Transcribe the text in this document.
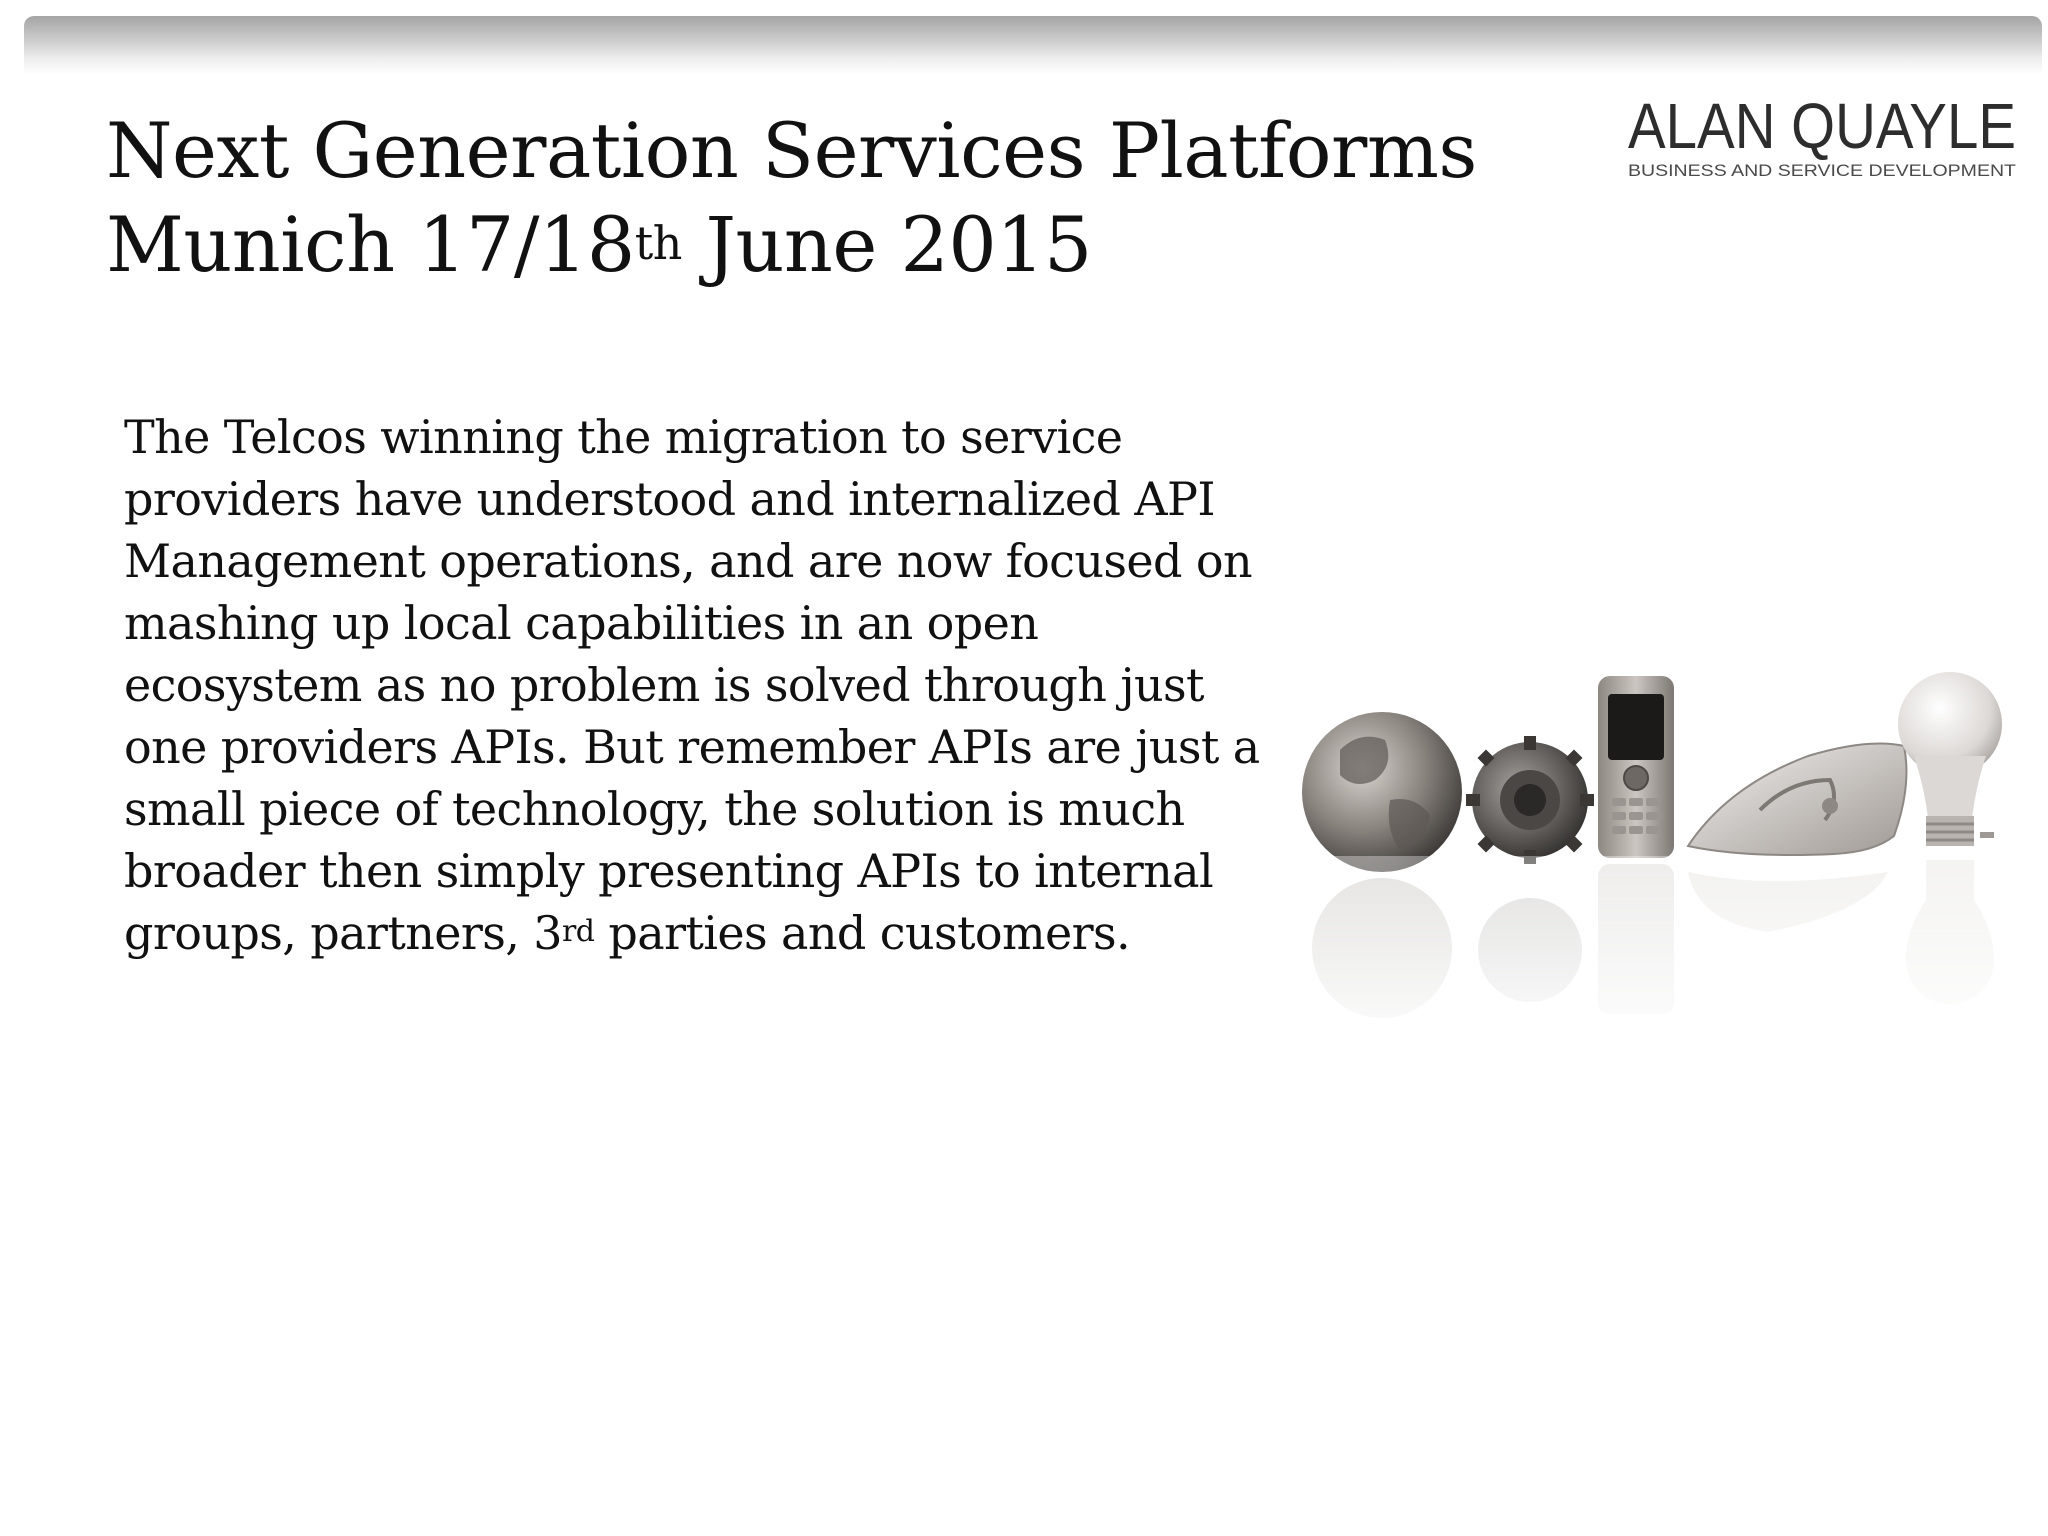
Next Generation Services Platforms
Munich 17/18th June 2015
ALAN QUAYLE
BUSINESS AND SERVICE DEVELOPMENT
The Telcos winning the migration to service
providers have understood and internalized API
Management operations, and are now focused on
mashing up local capabilities in an open
ecosystem as no problem is solved through just
one providers APIs. But remember APIs are just a
small piece of technology, the solution is much
broader then simply presenting APIs to internal
groups, partners, 3rd parties and customers.
